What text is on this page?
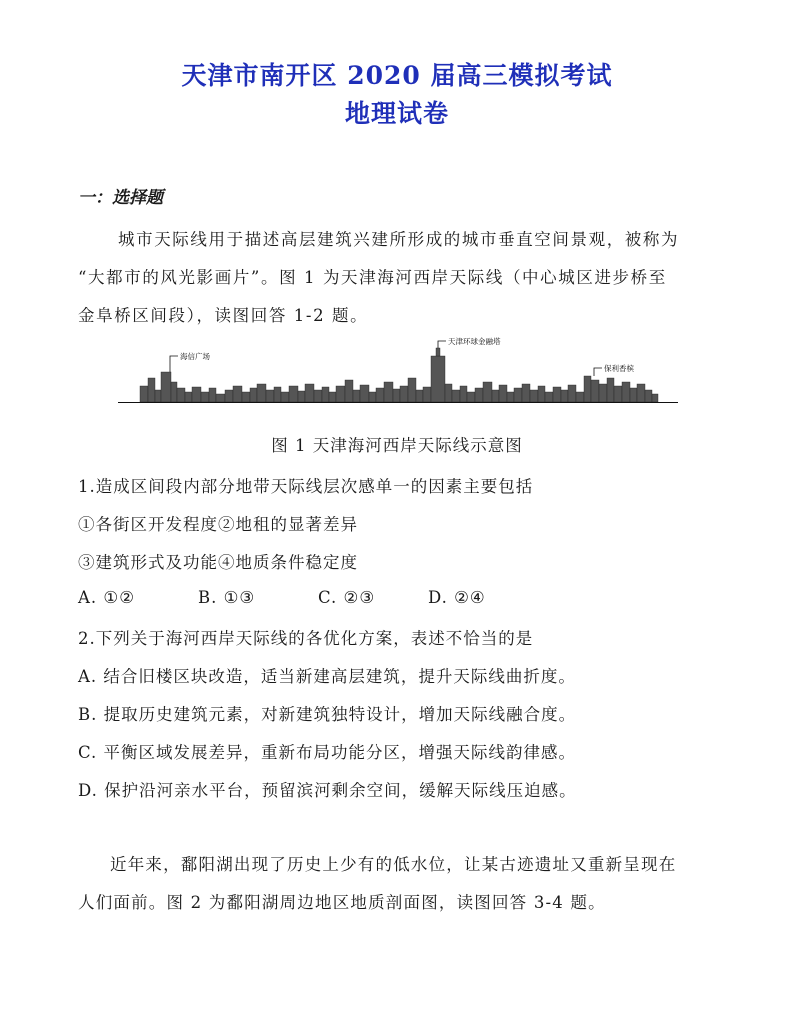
天津市南开区 2020 届高三模拟考试
地理试卷
一：选择题
城市天际线用于描述高层建筑兴建所形成的城市垂直空间景观，被称为
“大都市的风光影画片”。图 1 为天津海河西岸天际线（中心城区进步桥至
金阜桥区间段），读图回答 1-2 题。
海信广场
天津环球金融塔
保利香槟
图 1 天津海河西岸天际线示意图
1.造成区间段内部分地带天际线层次感单一的因素主要包括
①各街区开发程度②地租的显著差异
③建筑形式及功能④地质条件稳定度
A. ①②	B. ①③	C. ②③	D. ②④
2.下列关于海河西岸天际线的各优化方案，表述不恰当的是
A. 结合旧楼区块改造，适当新建高层建筑，提升天际线曲折度。
B. 提取历史建筑元素，对新建筑独特设计，增加天际线融合度。
C. 平衡区域发展差异，重新布局功能分区，增强天际线韵律感。
D. 保护沿河亲水平台，预留滨河剩余空间，缓解天际线压迫感。
近年来，鄱阳湖出现了历史上少有的低水位，让某古迹遗址又重新呈现在
人们面前。图 2 为鄱阳湖周边地区地质剖面图，读图回答 3-4 题。
